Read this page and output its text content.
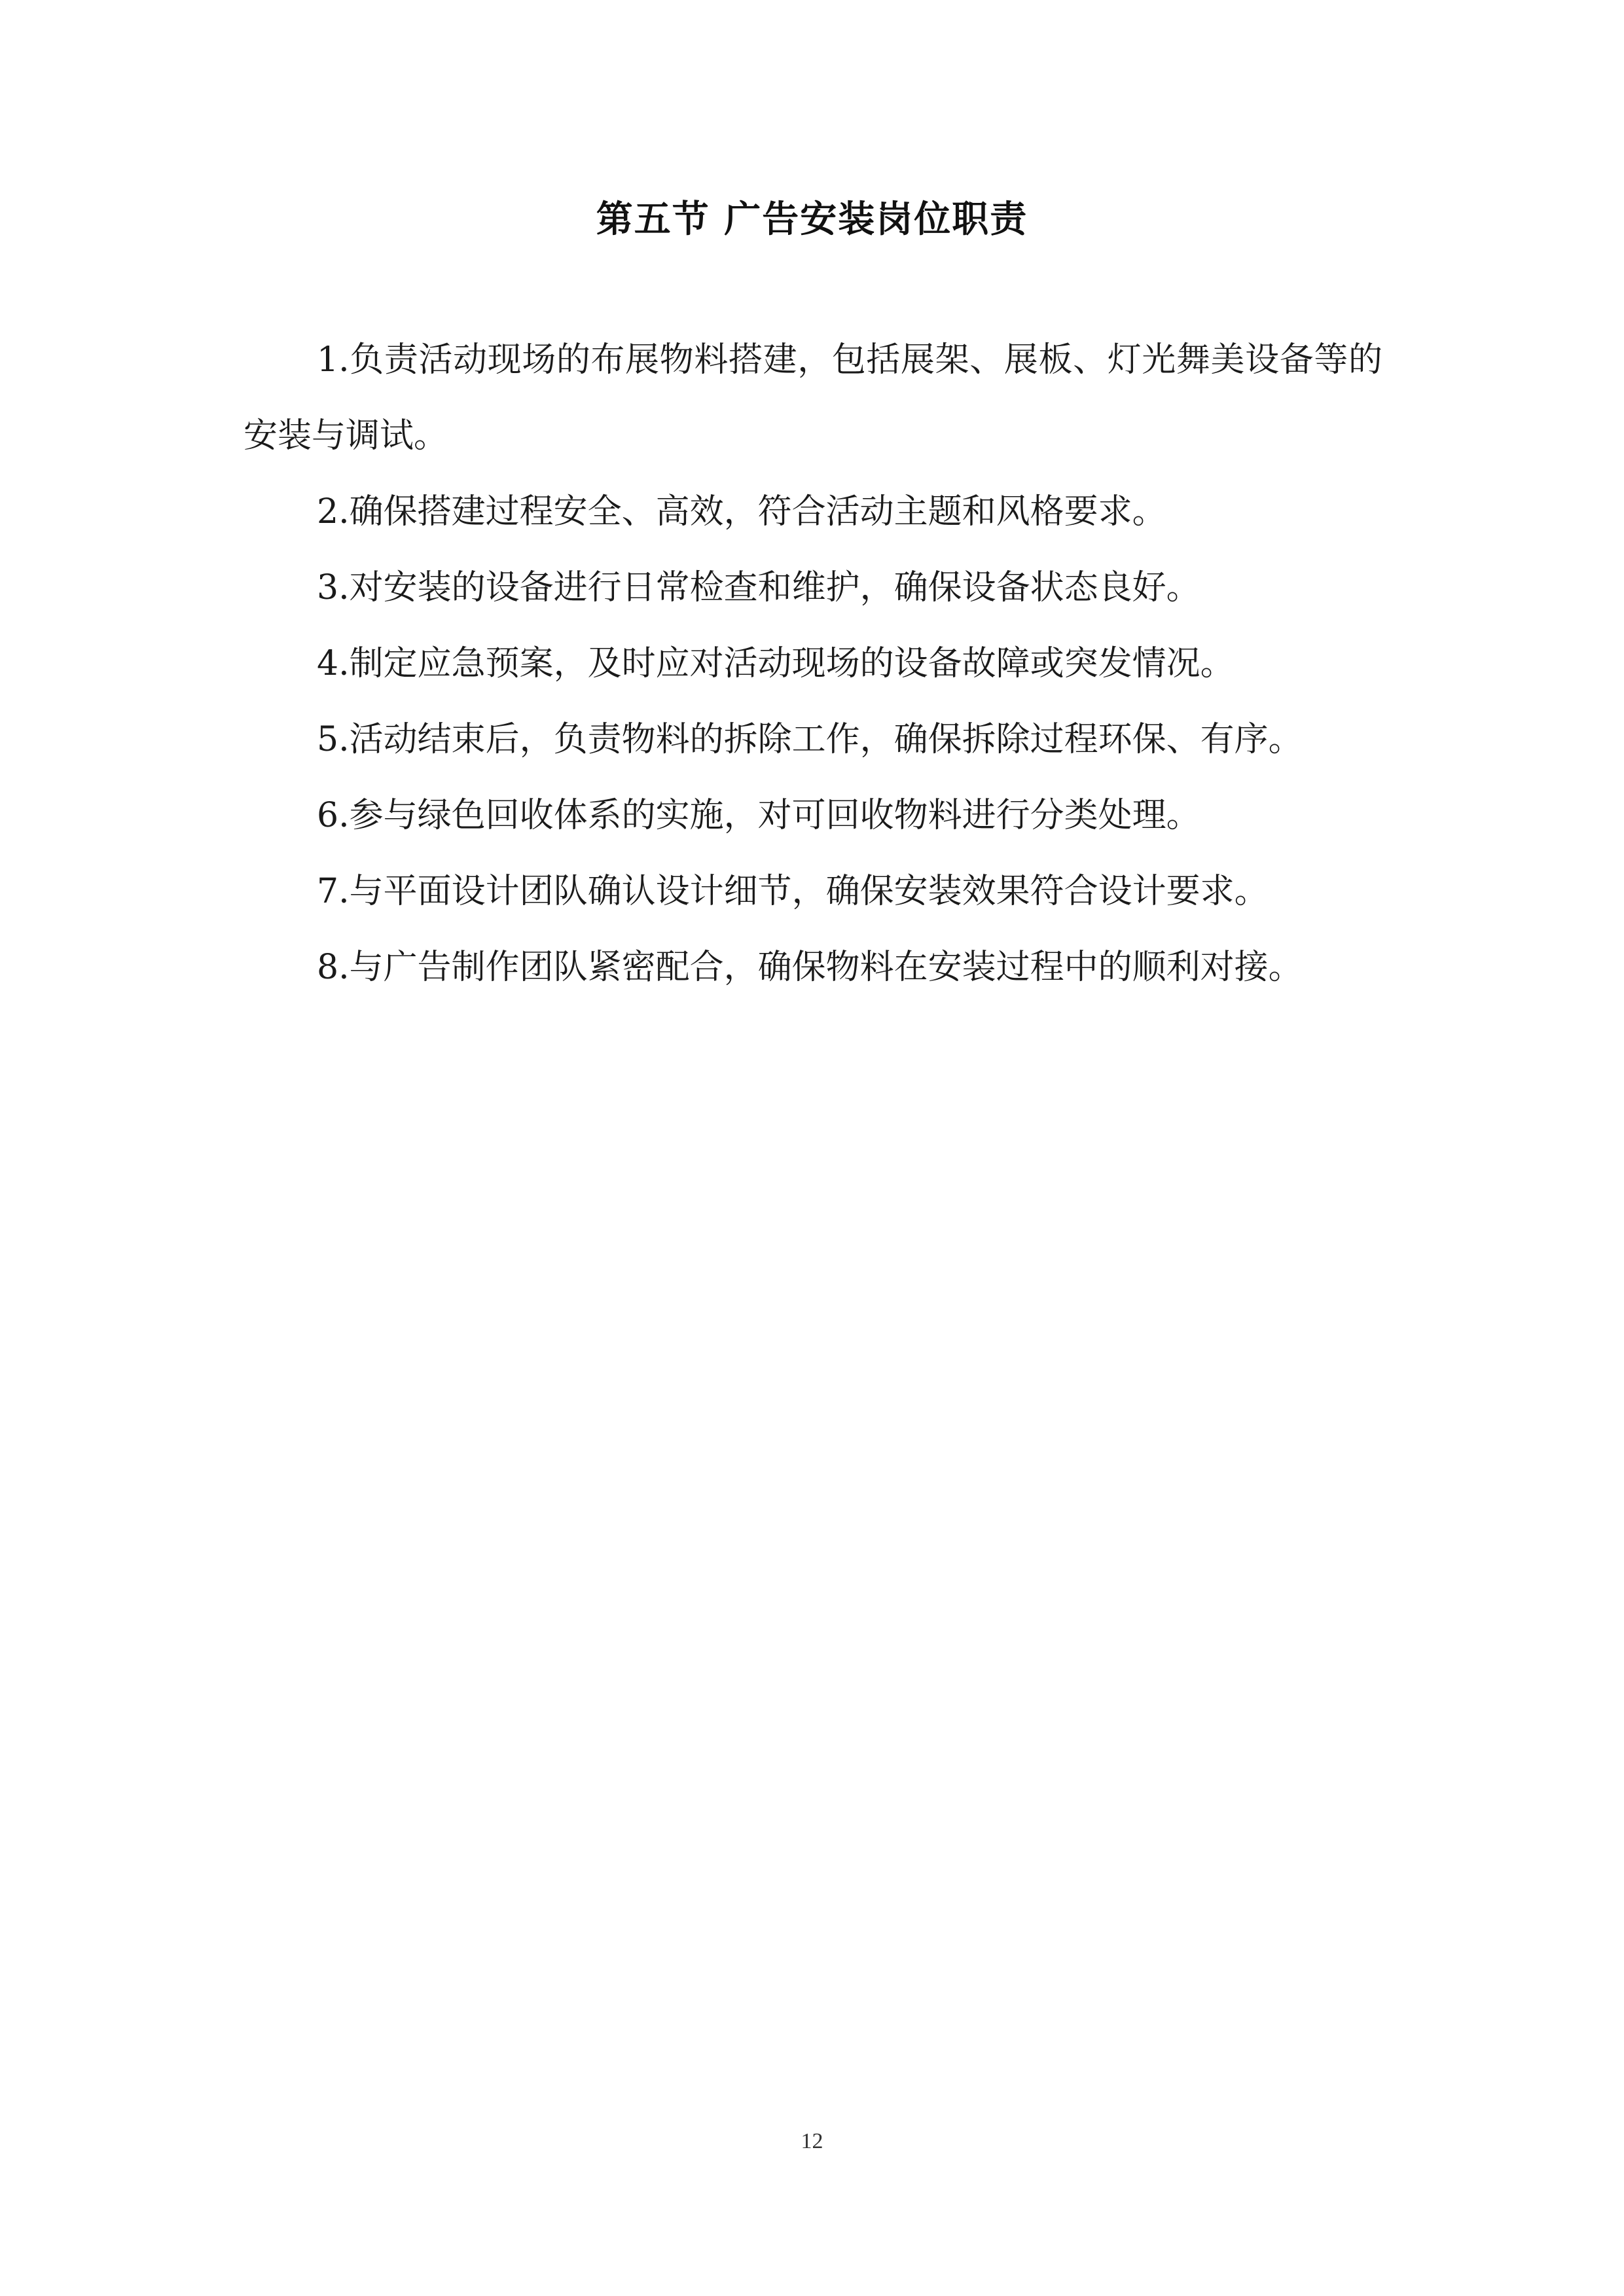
第五节 广告安装岗位职责

1.负责活动现场的布展物料搭建，包括展架、展板、灯光舞美设备等的安装与调试。

2.确保搭建过程安全、高效，符合活动主题和风格要求。

3.对安装的设备进行日常检查和维护，确保设备状态良好。

4.制定应急预案，及时应对活动现场的设备故障或突发情况。

5.活动结束后，负责物料的拆除工作，确保拆除过程环保、有序。

6.参与绿色回收体系的实施，对可回收物料进行分类处理。

7.与平面设计团队确认设计细节，确保安装效果符合设计要求。

8.与广告制作团队紧密配合，确保物料在安装过程中的顺利对接。

12
